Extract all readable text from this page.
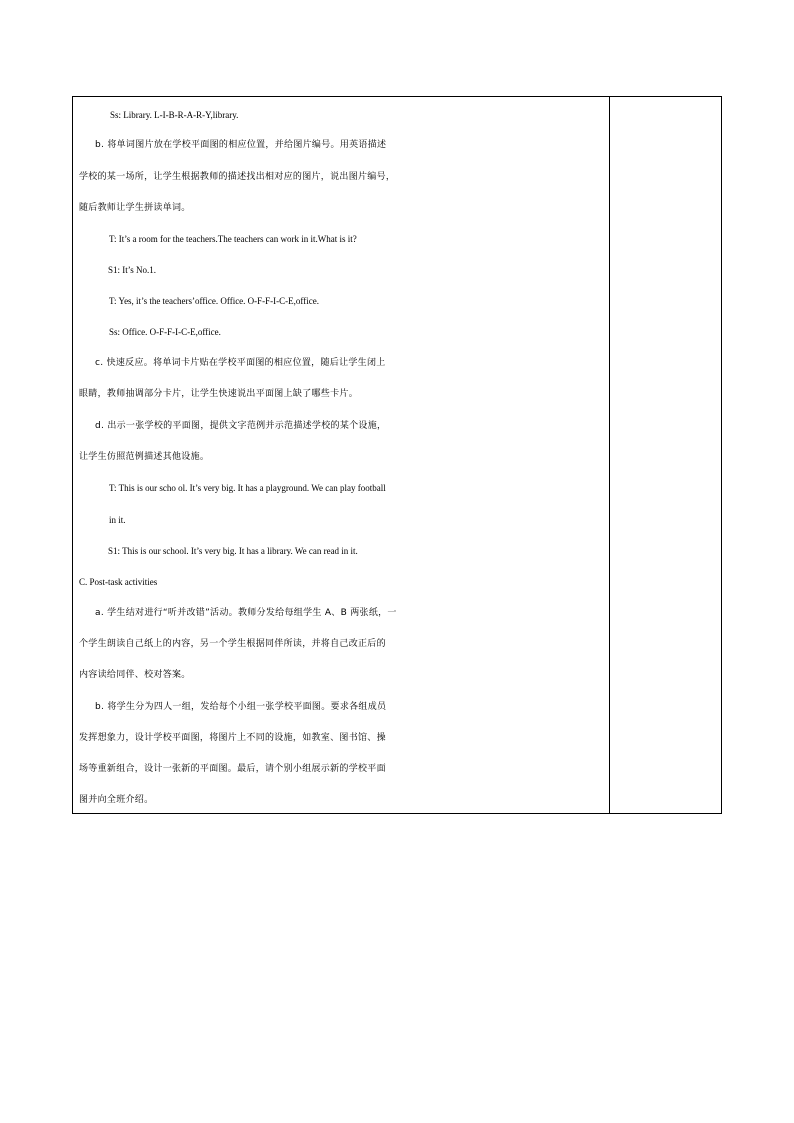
Ss: Library. L-I-B-R-A-R-Y,library.
b. 将单词图片放在学校平面图的相应位置，并给图片编号。用英语描述
学校的某一场所，让学生根据教师的描述找出相对应的图片，说出图片编号，
随后教师让学生拼读单词。
T: It’s a room for the teachers.The teachers can work in it.What is it?
S1: It’s No.1.
T: Yes, it’s the teachers’office. Office. O-F-F-I-C-E,office.
Ss: Office. O-F-F-I-C-E,office.
c. 快速反应。将单词卡片贴在学校平面图的相应位置，随后让学生闭上
眼睛，教师抽调部分卡片，让学生快速说出平面图上缺了哪些卡片。
d. 出示一张学校的平面图，提供文字范例并示范描述学校的某个设施，
让学生仿照范例描述其他设施。
T: This is our scho ol. It’s very big. It has a playground. We can play football
in it.
S1: This is our school. It’s very big. It has a library. We can read in it.
C. Post-task activities
a. 学生结对进行“听并改错”活动。教师分发给每组学生 A、B 两张纸，一
个学生朗读自己纸上的内容，另一个学生根据同伴所读，并将自己改正后的
内容读给同伴、校对答案。
b. 将学生分为四人一组，发给每个小组一张学校平面图。要求各组成员
发挥想象力，设计学校平面图，将图片上不同的设施，如教室、图书馆、操
场等重新组合，设计一张新的平面图。最后，请个别小组展示新的学校平面
图并向全班介绍。
